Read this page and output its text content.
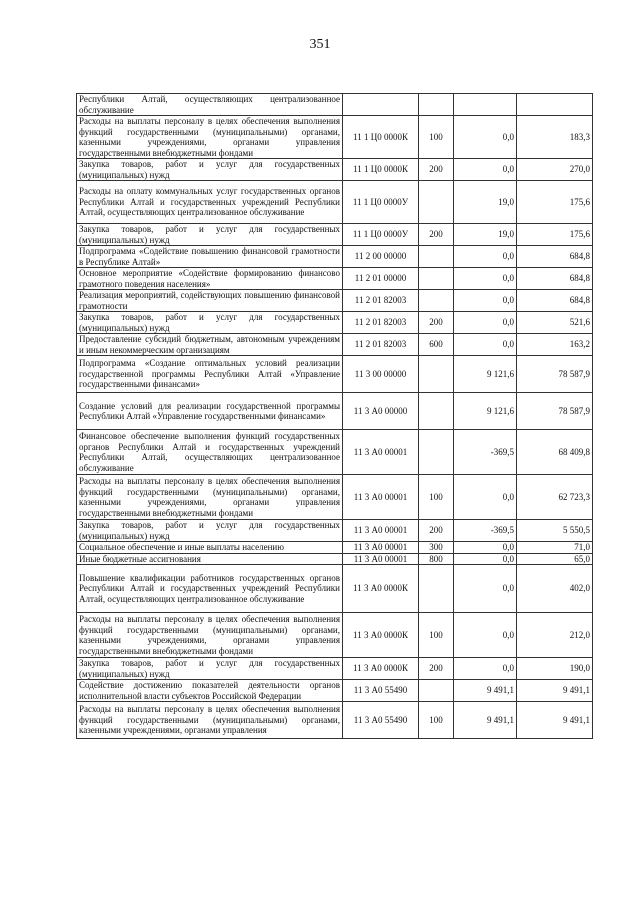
351
Республики Алтай, осуществляющих централизованное обслуживание				
Расходы на выплаты персоналу в целях обеспечения выполнения функций государственными (муниципальными) органами, казенными учреждениями, органами управления государственными внебюджетными фондами	11 1 Ц0 0000К	100	0,0	183,3
Закупка товаров, работ и услуг для государственных (муниципальных) нужд	11 1 Ц0 0000К	200	0,0	270,0
Расходы на оплату коммунальных услуг государственных органов Республики Алтай и государственных учреждений Республики Алтай, осуществляющих централизованное обслуживание	11 1 Ц0 0000У		19,0	175,6
Закупка товаров, работ и услуг для государственных (муниципальных) нужд	11 1 Ц0 0000У	200	19,0	175,6
Подпрограмма «Содействие повышению финансовой грамотности в Республике Алтай»	11 2 00 00000		0,0	684,8
Основное мероприятие «Содействие формированию финансово грамотного поведения населения»	11 2 01 00000		0,0	684,8
Реализация мероприятий, содействующих повышению финансовой грамотности	11 2 01 82003		0,0	684,8
Закупка товаров, работ и услуг для государственных (муниципальных) нужд	11 2 01 82003	200	0,0	521,6
Предоставление субсидий бюджетным, автономным учреждениям и иным некоммерческим организациям	11 2 01 82003	600	0,0	163,2
Подпрограмма «Создание оптимальных условий реализации государственной программы Республики Алтай «Управление государственными финансами»	11 3 00 00000		9 121,6	78 587,9
Создание условий для реализации государственной программы Республики Алтай «Управление государственными финансами»	11 3 А0 00000		9 121,6	78 587,9
Финансовое обеспечение выполнения функций государственных органов Республики Алтай и государственных учреждений Республики Алтай, осуществляющих централизованное обслуживание	11 3 А0 00001		-369,5	68 409,8
Расходы на выплаты персоналу в целях обеспечения выполнения функций государственными (муниципальными) органами, казенными учреждениями, органами управления государственными внебюджетными фондами	11 3 А0 00001	100	0,0	62 723,3
Закупка товаров, работ и услуг для государственных (муниципальных) нужд	11 3 А0 00001	200	-369,5	5 550,5
Социальное обеспечение и иные выплаты населению	11 3 А0 00001	300	0,0	71,0
Иные бюджетные ассигнования	11 3 А0 00001	800	0,0	65,0
Повышение квалификации работников государственных органов Республики Алтай и государственных учреждений Республики Алтай, осуществляющих централизованное обслуживание	11 3 А0 0000К		0,0	402,0
Расходы на выплаты персоналу в целях обеспечения выполнения функций государственными (муниципальными) органами, казенными учреждениями, органами управления государственными внебюджетными фондами	11 3 А0 0000К	100	0,0	212,0
Закупка товаров, работ и услуг для государственных (муниципальных) нужд	11 3 А0 0000К	200	0,0	190,0
Содействие достижению показателей деятельности органов исполнительной власти субъектов Российской Федерации	11 3 А0 55490		9 491,1	9 491,1
Расходы на выплаты персоналу в целях обеспечения выполнения функций государственными (муниципальными) органами, казенными учреждениями, органами управления	11 3 А0 55490	100	9 491,1	9 491,1
